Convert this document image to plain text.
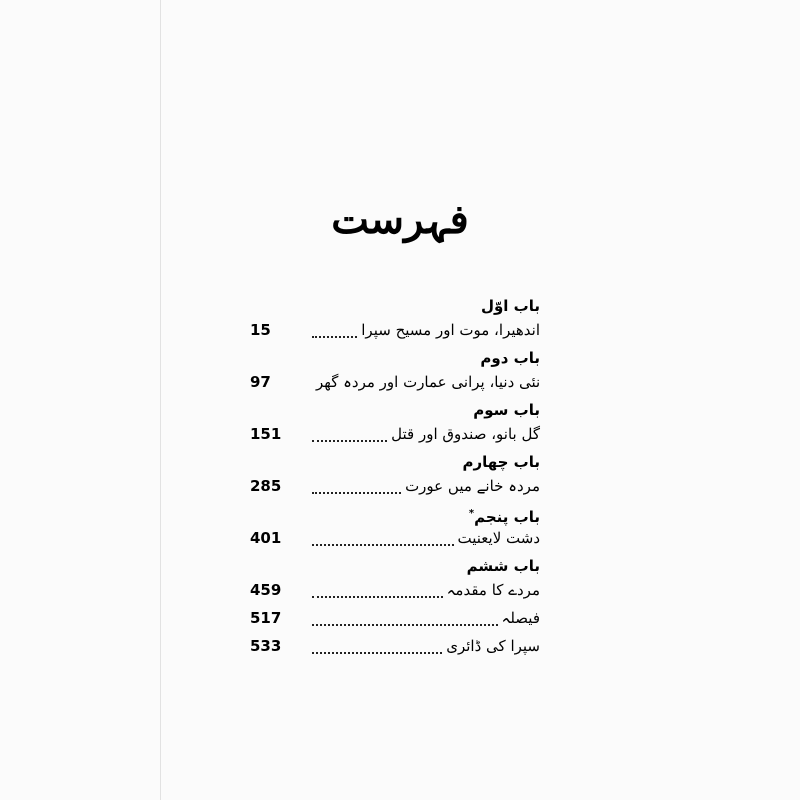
فہرست
باب اوّل
15	اندھیرا، موت اور مسیح سپرا
باب دوم
97	نئی دنیا، پرانی عمارت اور مردہ گھر
باب سوم
151	گل بانو، صندوق اور قتل
باب چهارم
285	مردہ خانے میں عورت
باب پنجم*
401	دشت لایعنیت
باب ششم
459	مردے کا مقدمہ
517	فیصلہ
533	سپرا کی ڈائری
